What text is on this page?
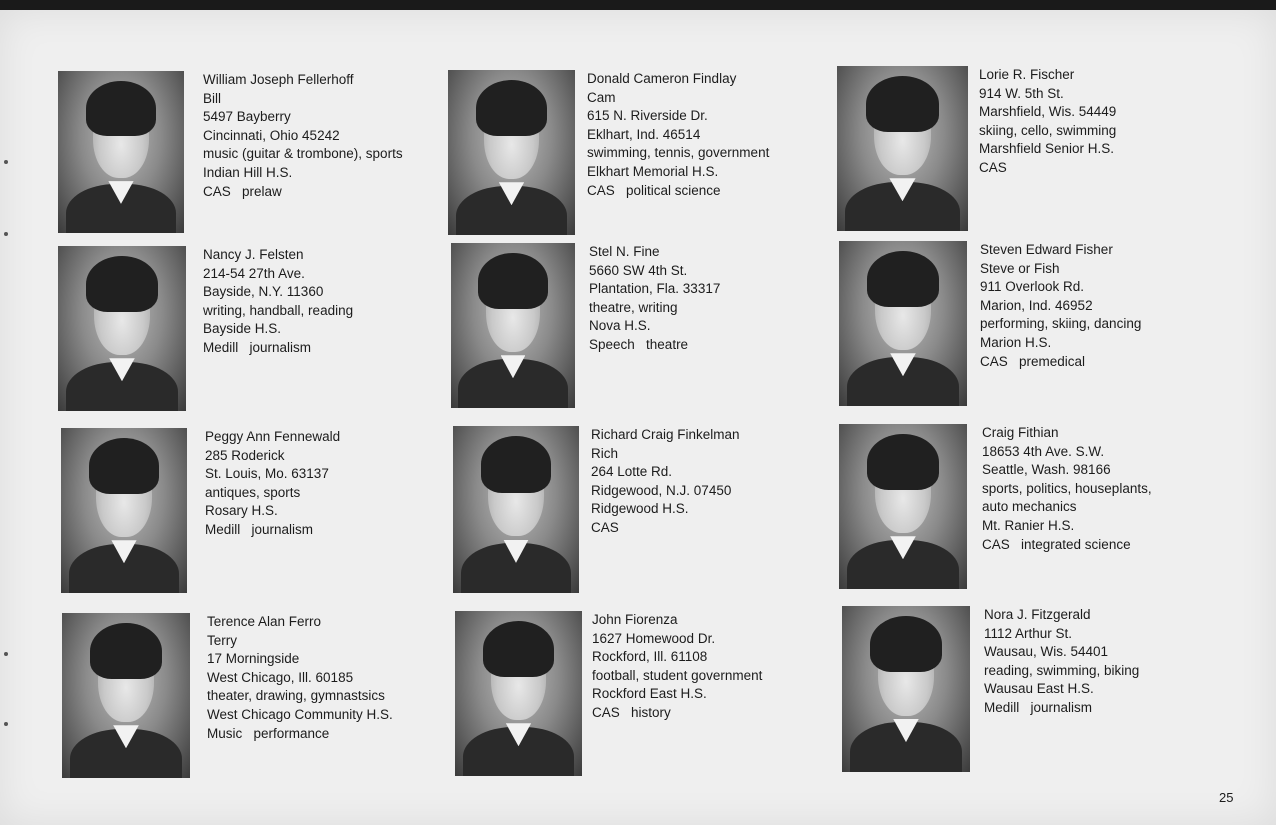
William Joseph Fellerhoff
Bill
5497 Bayberry
Cincinnati, Ohio 45242
music (guitar & trombone), sports
Indian Hill H.S.
CAS   prelaw
Donald Cameron Findlay
Cam
615 N. Riverside Dr.
Eklhart, Ind. 46514
swimming, tennis, government
Elkhart Memorial H.S.
CAS   political science
Lorie R. Fischer
914 W. 5th St.
Marshfield, Wis. 54449
skiing, cello, swimming
Marshfield Senior H.S.
CAS
Nancy J. Felsten
214-54 27th Ave.
Bayside, N.Y. 11360
writing, handball, reading
Bayside H.S.
Medill   journalism
Stel N. Fine
5660 SW 4th St.
Plantation, Fla. 33317
theatre, writing
Nova H.S.
Speech   theatre
Steven Edward Fisher
Steve or Fish
911 Overlook Rd.
Marion, Ind. 46952
performing, skiing, dancing
Marion H.S.
CAS   premedical
Peggy Ann Fennewald
285 Roderick
St. Louis, Mo. 63137
antiques, sports
Rosary H.S.
Medill   journalism
Richard Craig Finkelman
Rich
264 Lotte Rd.
Ridgewood, N.J. 07450
Ridgewood H.S.
CAS
Craig Fithian
18653 4th Ave. S.W.
Seattle, Wash. 98166
sports, politics, houseplants,
auto mechanics
Mt. Ranier H.S.
CAS   integrated science
Terence Alan Ferro
Terry
17 Morningside
West Chicago, Ill. 60185
theater, drawing, gymnastsics
West Chicago Community H.S.
Music   performance
John Fiorenza
1627 Homewood Dr.
Rockford, Ill. 61108
football, student government
Rockford East H.S.
CAS   history
Nora J. Fitzgerald
1112 Arthur St.
Wausau, Wis. 54401
reading, swimming, biking
Wausau East H.S.
Medill   journalism
25
